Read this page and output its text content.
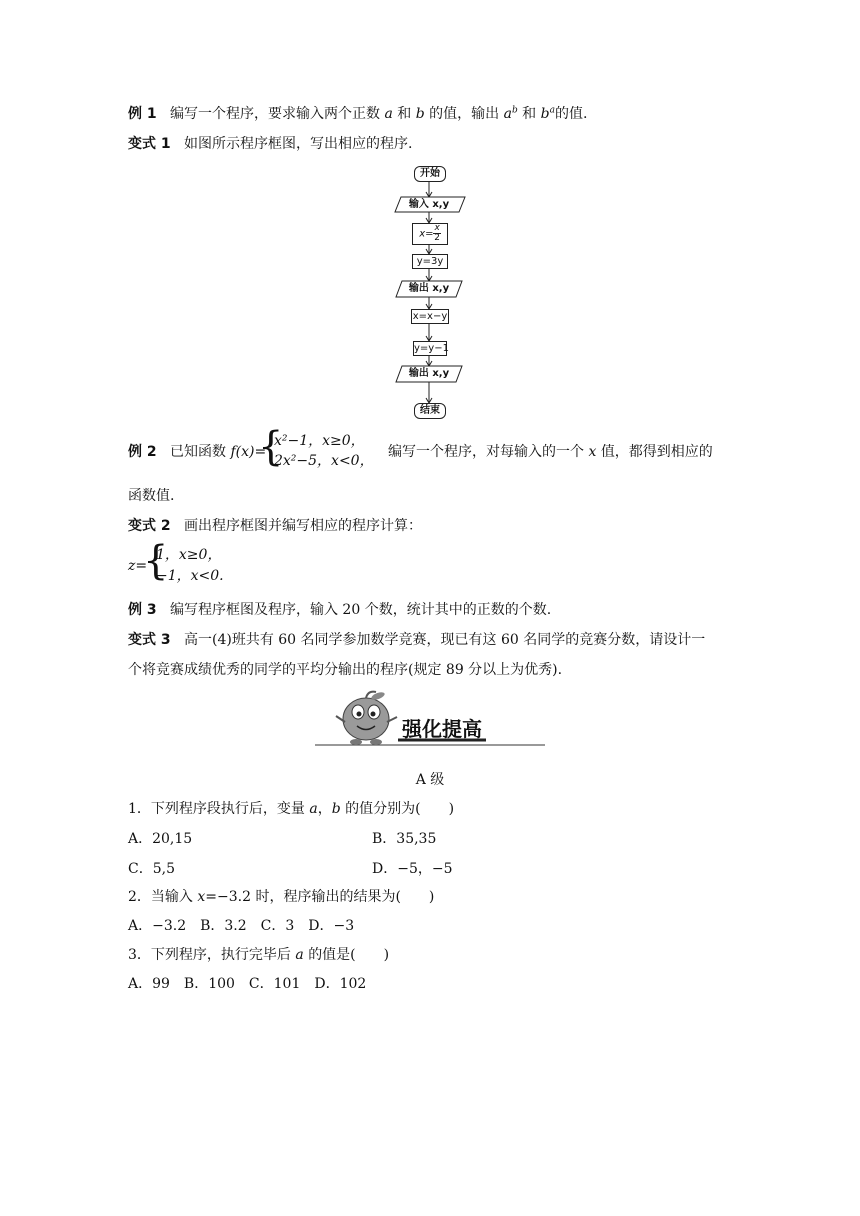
例 1 编写一个程序，要求输入两个正数 a 和 b 的值，输出 $a^b$ 和 $b^a$的值.
变式 1 如图所示程序框图，写出相应的程序.
开始
输入 x,y
$x= \frac{x}{2}$
y=3y
输出 x,y
x=x−y
y=y−1
输出 x,y
结束
例 2 已知函数 f(x)=
{
x²−1，x≥0，
2x²−5，x<0，
编写一个程序，对每输入的一个 x 值，都得到相应的
函数值.
变式 2 画出程序框图并编写相应的程序计算：
z=
{
1，x≥0，
−1，x<0.
例 3 编写程序框图及程序，输入 20 个数，统计其中的正数的个数.
变式 3 高一(4)班共有 60 名同学参加数学竞赛，现已有这 60 名同学的竞赛分数，请设计一
个将竞赛成绩优秀的同学的平均分输出的程序(规定 89 分以上为优秀).
强化提高
A 级
1．下列程序段执行后，变量 a，b 的值分别为(　　)
A．20,15	B．35,35
C．5,5	D．−5，−5
2．当输入 x=−3.2 时，程序输出的结果为(　　)
A．−3.2　B．3.2　C．3　D．−3
3．下列程序，执行完毕后 a 的值是(　　)
A．99　B．100　C．101　D．102
